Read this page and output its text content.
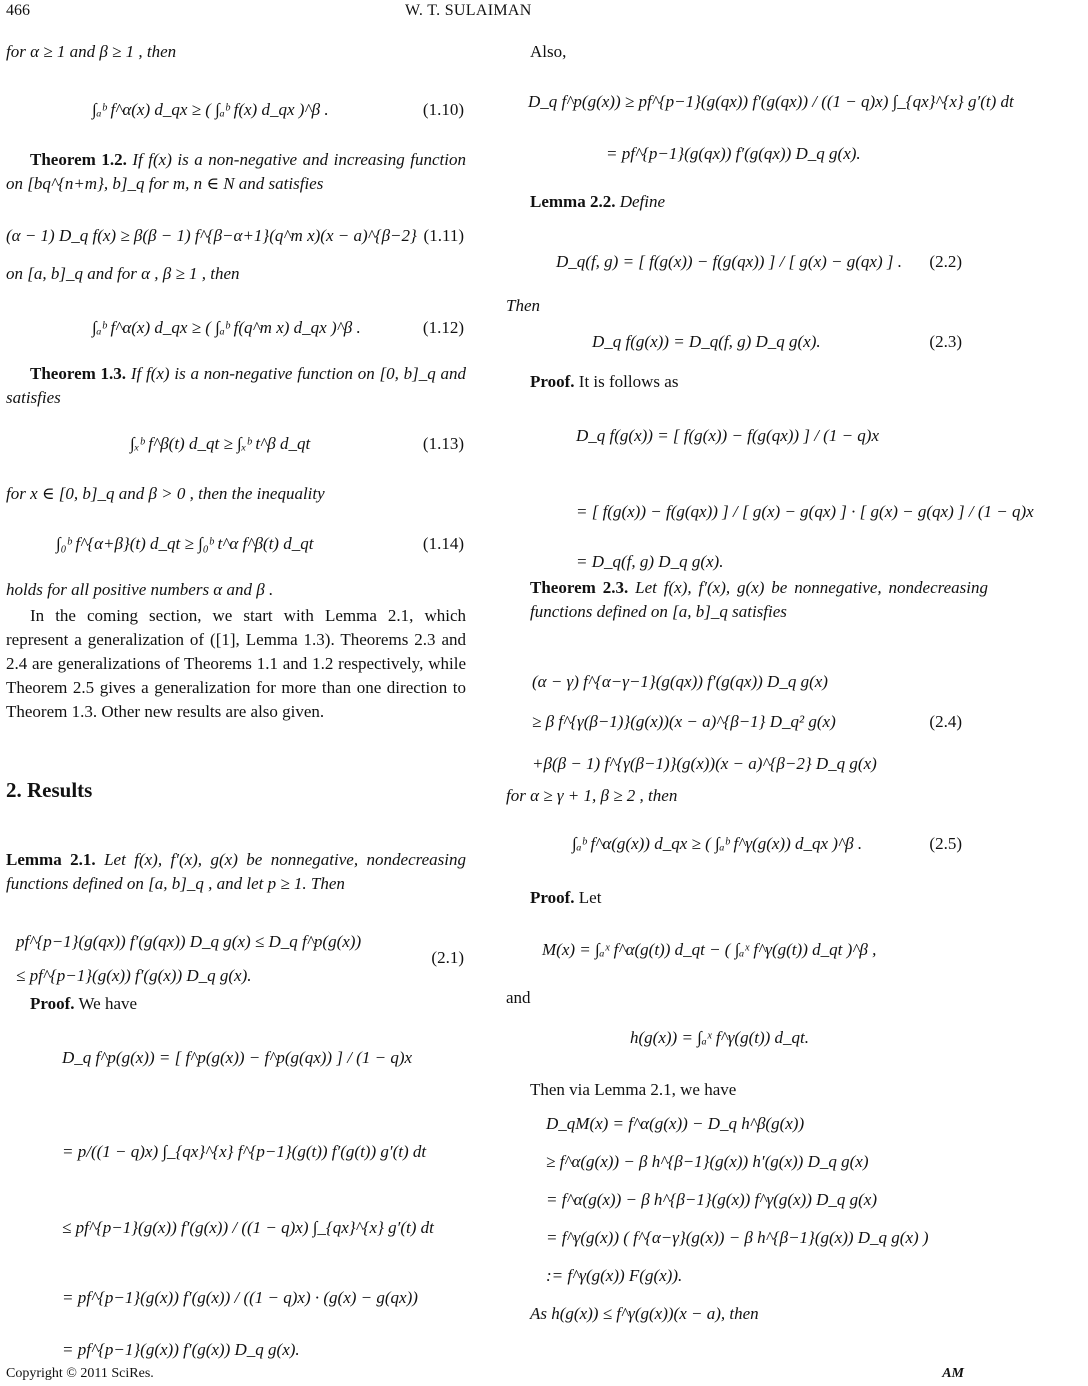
466	W. T. SULAIMAN
for α ≥ 1 and β ≥ 1 , then
∫ₐᵇ f^α(x) d_qx ≥ ( ∫ₐᵇ f(x) d_qx )^β .	(1.10)
Theorem 1.2. If f(x) is a non-negative and increasing function on [bq^{n+m}, b]_q for m, n ∈ N and satisfies
(α − 1) D_q f(x) ≥ β(β − 1) f^{β−α+1}(q^m x)(x − a)^{β−2} (1.11)
on [a, b]_q and for α , β ≥ 1 , then
∫ₐᵇ f^α(x) d_qx ≥ ( ∫ₐᵇ f(q^m x) d_qx )^β .	(1.12)
Theorem 1.3. If f(x) is a non-negative function on [0, b]_q and satisfies
∫ₓᵇ f^β(t) d_qt ≥ ∫ₓᵇ t^β d_qt	(1.13)
for x ∈ [0, b]_q and β > 0 , then the inequality
∫₀ᵇ f^{α+β}(t) d_qt ≥ ∫₀ᵇ t^α f^β(t) d_qt	(1.14)
holds for all positive numbers α and β .

In the coming section, we start with Lemma 2.1, which represent a generalization of ([1], Lemma 1.3). Theorems 2.3 and 2.4 are generalizations of Theorems 1.1 and 1.2 respectively, while Theorem 2.5 gives a generalization for more than one direction to Theorem 1.3. Other new results are also given.

2. Results
Lemma 2.1. Let f(x), f′(x), g(x) be nonnegative, nondecreasing functions defined on [a, b]_q , and let p ≥ 1. Then
pf^{p−1}(g(qx)) f′(g(qx)) D_q g(x) ≤ D_q f^p(g(x))
≤ pf^{p−1}(g(x)) f′(g(x)) D_q g(x).
(2.1)
Proof. We have
D_q f^p(g(x)) = [ f^p(g(x)) − f^p(g(qx)) ] / (1 − q)x
= p/((1 − q)x) ∫_{qx}^{x} f^{p−1}(g(t)) f′(g(t)) g′(t) dt
≤ pf^{p−1}(g(x)) f′(g(x)) / ((1 − q)x) ∫_{qx}^{x} g′(t) dt
= pf^{p−1}(g(x)) f′(g(x)) / ((1 − q)x) · (g(x) − g(qx))
= pf^{p−1}(g(x)) f′(g(x)) D_q g(x).
Also,
D_q f^p(g(x)) ≥ pf^{p−1}(g(qx)) f′(g(qx)) / ((1 − q)x) ∫_{qx}^{x} g′(t) dt
= pf^{p−1}(g(qx)) f′(g(qx)) D_q g(x).
Lemma 2.2. Define
D_q(f, g) = [ f(g(x)) − f(g(qx)) ] / [ g(x) − g(qx) ] . (2.2)
Then
D_q f(g(x)) = D_q(f, g) D_q g(x).	(2.3)
Proof. It is follows as
D_q f(g(x)) = [ f(g(x)) − f(g(qx)) ] / (1 − q)x
= [ f(g(x)) − f(g(qx)) ] / [ g(x) − g(qx) ] · [ g(x) − g(qx) ] / (1 − q)x
= D_q(f, g) D_q g(x).
Theorem 2.3. Let f(x), f′(x), g(x) be nonnegative, nondecreasing functions defined on [a, b]_q satisfies
(α − γ) f^{α−γ−1}(g(qx)) f′(g(qx)) D_q g(x)
≥ β f^{γ(β−1)}(g(x))(x − a)^{β−1} D_q² g(x)
+β(β − 1) f^{γ(β−1)}(g(x))(x − a)^{β−2} D_q g(x)
(2.4)
for α ≥ γ + 1, β ≥ 2 , then
∫ₐᵇ f^α(g(x)) d_qx ≥ ( ∫ₐᵇ f^γ(g(x)) d_qx )^β .	(2.5)
Proof. Let
M(x) = ∫ₐˣ f^α(g(t)) d_qt − ( ∫ₐˣ f^γ(g(t)) d_qt )^β ,
and
h(g(x)) = ∫ₐˣ f^γ(g(t)) d_qt.
Then via Lemma 2.1, we have
D_qM(x) = f^α(g(x)) − D_q h^β(g(x))
≥ f^α(g(x)) − β h^{β−1}(g(x)) h′(g(x)) D_q g(x)
= f^α(g(x)) − β h^{β−1}(g(x)) f^γ(g(x)) D_q g(x)
= f^γ(g(x)) ( f^{α−γ}(g(x)) − β h^{β−1}(g(x)) D_q g(x) )
:= f^γ(g(x)) F(g(x)).
As h(g(x)) ≤ f^γ(g(x))(x − a), then
Copyright © 2011 SciRes.	AM
